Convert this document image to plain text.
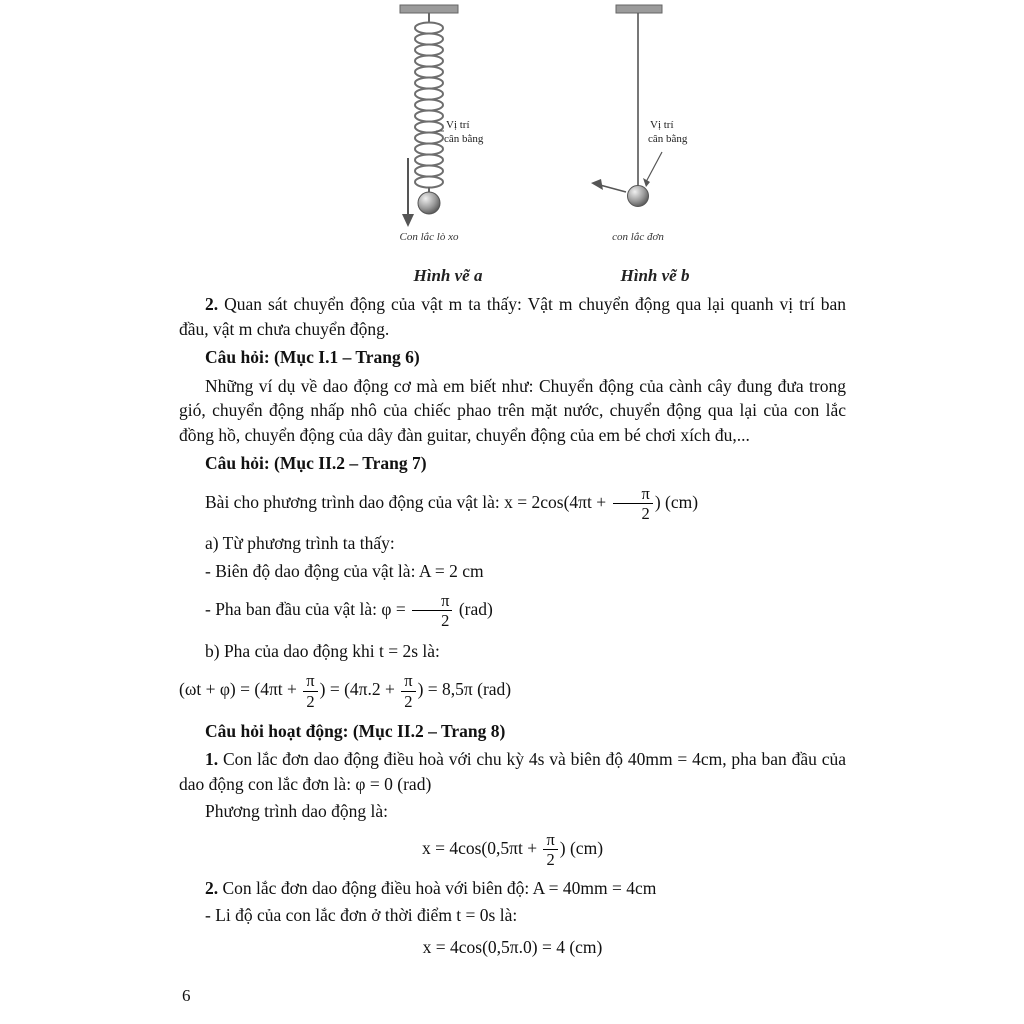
Vị trí
cân bằng
Con lắc lò xo
Vị trí
cân bằng
con lắc đơn
Hình vẽ a	Hình vẽ b

2. Quan sát chuyển động của vật m ta thấy: Vật m chuyển động qua lại quanh vị trí ban đầu, vật m chưa chuyển động.

Câu hỏi: (Mục I.1 – Trang 6)

Những ví dụ về dao động cơ mà em biết như: Chuyển động của cành cây đung đưa trong gió, chuyển động nhấp nhô của chiếc phao trên mặt nước, chuyển động qua lại của con lắc đồng hồ, chuyển động của dây đàn guitar, chuyển động của em bé chơi xích đu,...

Câu hỏi: (Mục II.2 – Trang 7)

Bài cho phương trình dao động của vật là: $x = 2\cos(4\pi t + \frac{\pi}{2}$ ) (cm)

a) Từ phương trình ta thấy:

- Biên độ dao động của vật là: A = 2 cm

- Pha ban đầu của vật là: $\varphi = \frac{\pi}{2} (rad)$

b) Pha của dao động khi t = 2s là:

$(\omega t + \varphi) = (4\pi t + \frac{\pi}{2}$ ) = ($4\pi.2 + \frac{\pi}{2}$ ) = 8,5π (rad)

Câu hỏi hoạt động: (Mục II.2 – Trang 8)

1. Con lắc đơn dao động điều hoà với chu kỳ 4s và biên độ 40mm = 4cm, pha ban đầu của dao động con lắc đơn là: φ = 0 (rad)

Phương trình dao động là:

$x = 4\cos(0,5\pi t + \frac{\pi}{2}$ ) (cm)

2. Con lắc đơn dao động điều hoà với biên độ: A = 40mm = 4cm

- Li độ của con lắc đơn ở thời điểm t = 0s là:

x = 4cos(0,5π.0) = 4 (cm)

6
